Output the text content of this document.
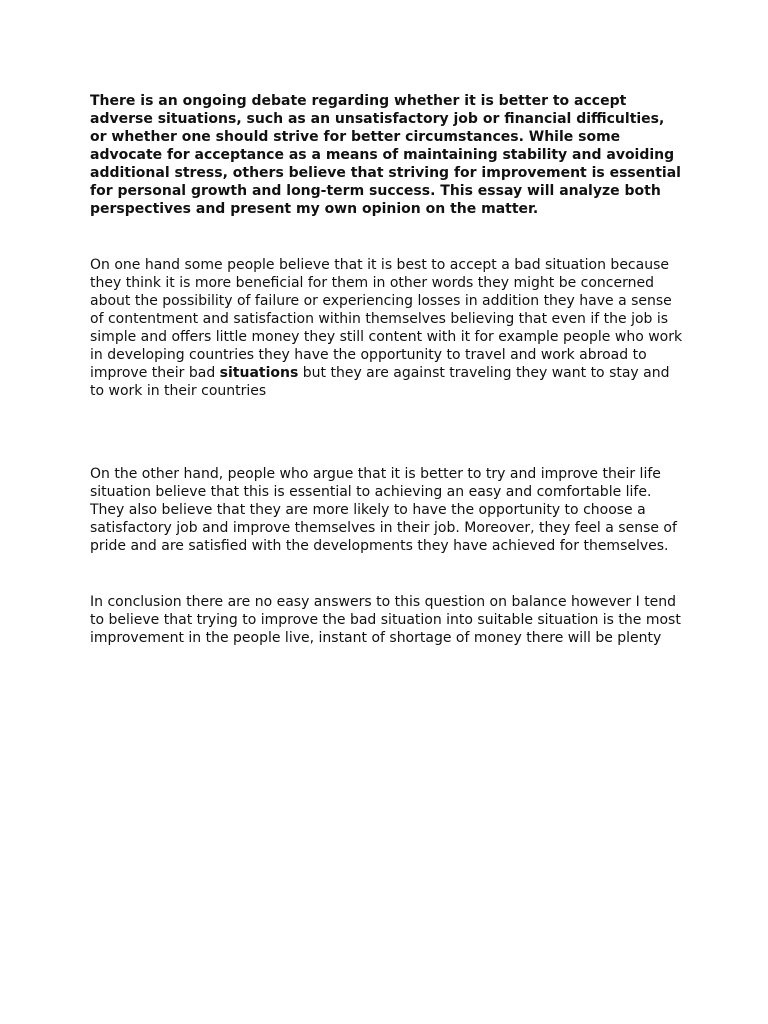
There is an ongoing debate regarding whether it is better to accept
adverse situations, such as an unsatisfactory job or financial difficulties,
or whether one should strive for better circumstances. While some
advocate for acceptance as a means of maintaining stability and avoiding
additional stress, others believe that striving for improvement is essential
for personal growth and long-term success. This essay will analyze both
perspectives and present my own opinion on the matter.
On one hand some people believe that it is best to accept a bad situation because
they think it is more beneficial for them in other words they might be concerned
about the possibility of failure or experiencing losses in addition they have a sense
of contentment and satisfaction within themselves believing that even if the job is
simple and offers little money they still content with it for example people who work
in developing countries they have the opportunity to travel and work abroad to
improve their bad situations but they are against traveling they want to stay and
to work in their countries
On the other hand, people who argue that it is better to try and improve their life
situation believe that this is essential to achieving an easy and comfortable life.
They also believe that they are more likely to have the opportunity to choose a
satisfactory job and improve themselves in their job. Moreover, they feel a sense of
pride and are satisfied with the developments they have achieved for themselves.
In conclusion there are no easy answers to this question on balance however I tend
to believe that trying to improve the bad situation into suitable situation is the most
improvement in the people live, instant of shortage of money there will be plenty
